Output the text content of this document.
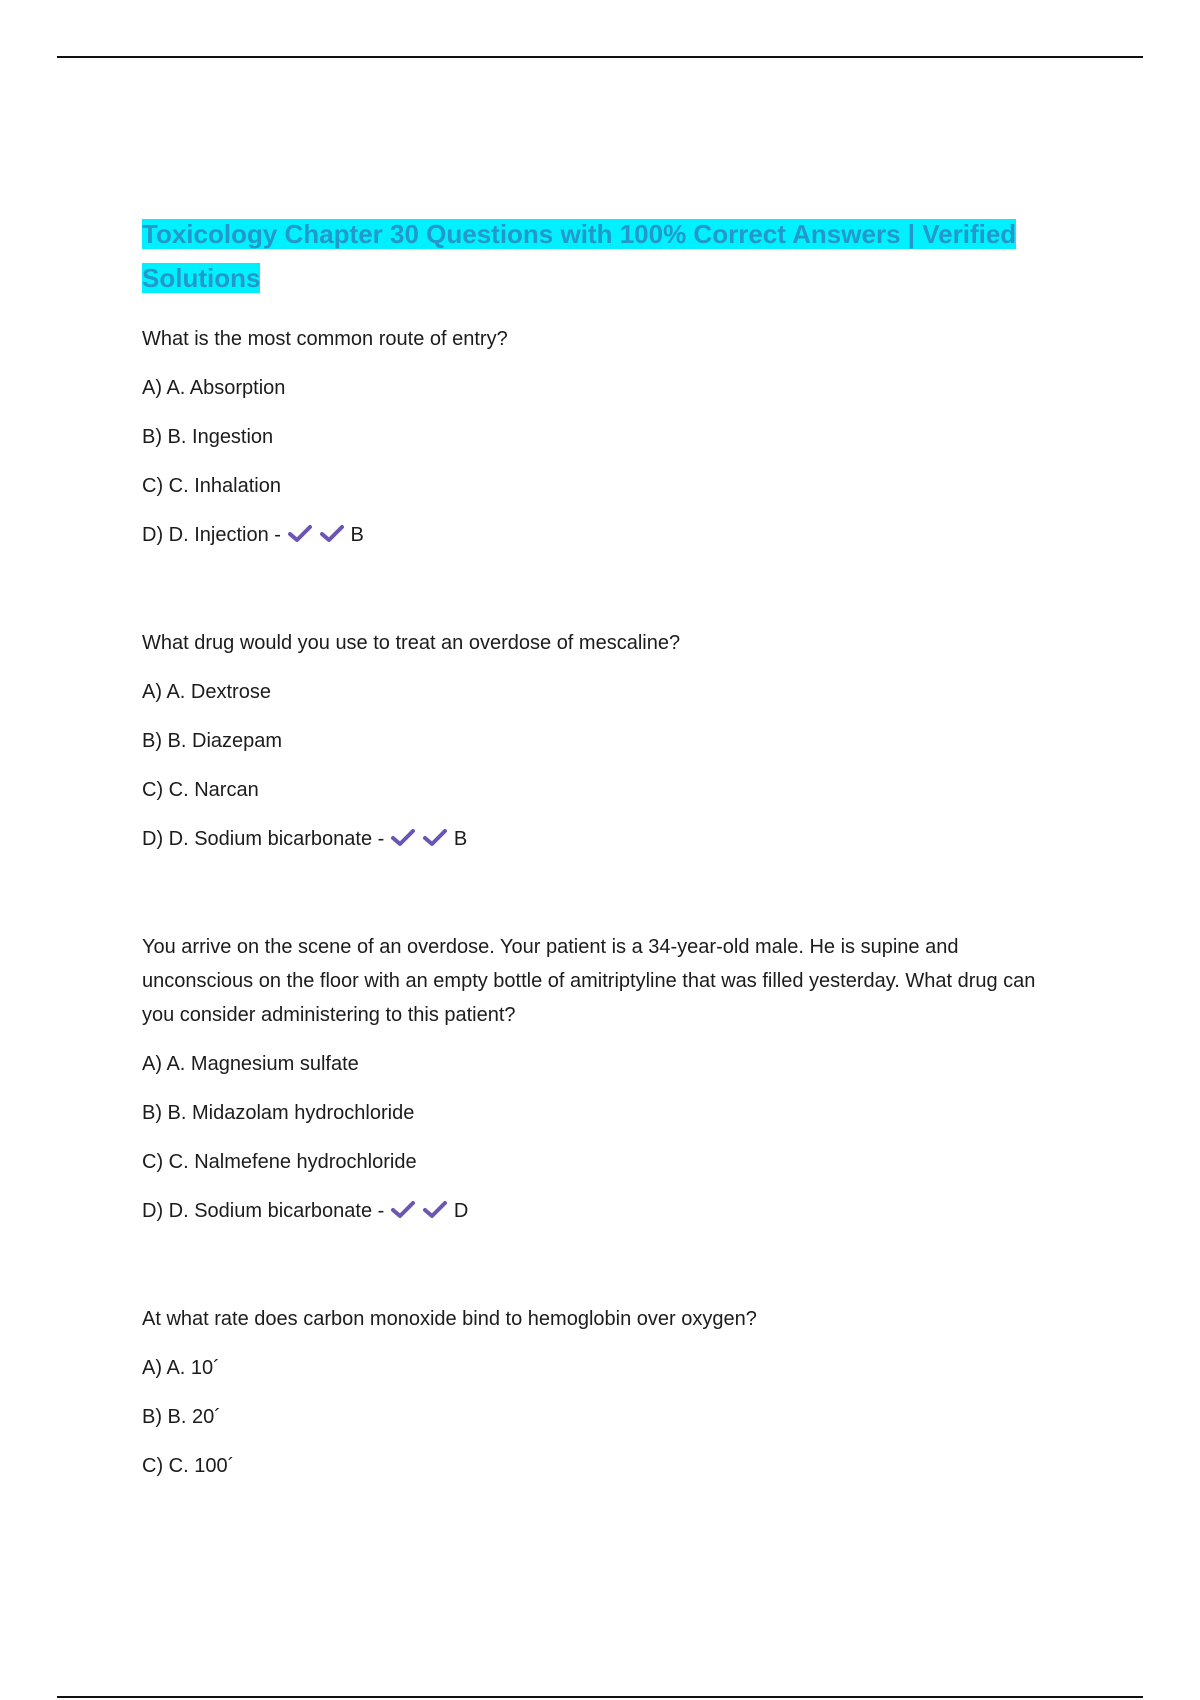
Toxicology Chapter 30 Questions with 100% Correct Answers | Verified Solutions

What is the most common route of entry?

A) A. Absorption
B) B. Ingestion
C) C. Inhalation
D) D. Injection -	B

What drug would you use to treat an overdose of mescaline?

A) A. Dextrose
B) B. Diazepam
C) C. Narcan
D) D. Sodium bicarbonate -	B

You arrive on the scene of an overdose. Your patient is a 34-year-old male. He is supine and unconscious on the floor with an empty bottle of amitriptyline that was filled yesterday. What drug can you consider administering to this patient?

A) A. Magnesium sulfate
B) B. Midazolam hydrochloride
C) C. Nalmefene hydrochloride
D) D. Sodium bicarbonate -	D

At what rate does carbon monoxide bind to hemoglobin over oxygen?

A) A. 10´
B) B. 20´
C) C. 100´
